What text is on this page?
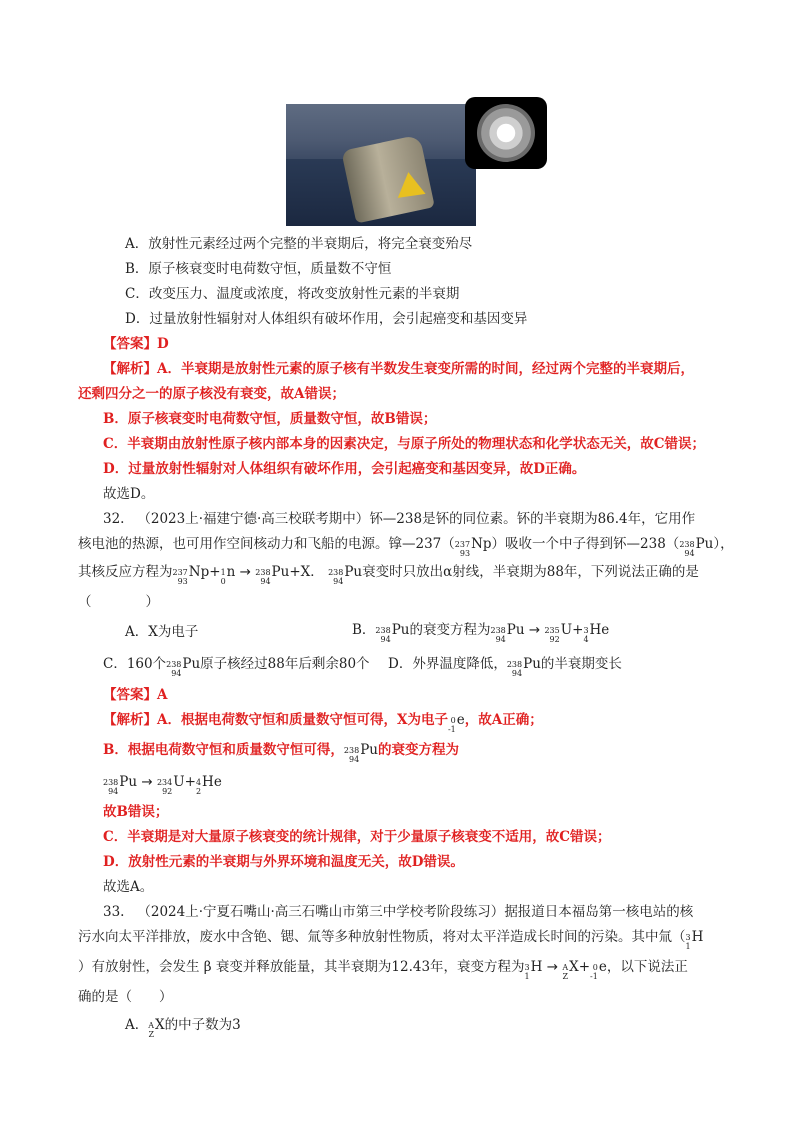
A．放射性元素经过两个完整的半衰期后，将完全衰变殆尽
B．原子核衰变时电荷数守恒，质量数不守恒
C．改变压力、温度或浓度，将改变放射性元素的半衰期
D．过量放射性辐射对人体组织有破坏作用，会引起癌变和基因变异
【答案】D
【解析】A．半衰期是放射性元素的原子核有半数发生衰变所需的时间，经过两个完整的半衰期后，
还剩四分之一的原子核没有衰变，故A错误；
B．原子核衰变时电荷数守恒，质量数守恒，故B错误；
C．半衰期由放射性原子核内部本身的因素决定，与原子所处的物理状态和化学状态无关，故C错误；
D．过量放射性辐射对人体组织有破坏作用，会引起癌变和基因变异，故D正确。
故选D。
32. （2023上·福建宁德·高三校联考期中）钚—238是钚的同位素。钚的半衰期为86.4年，它用作
核电池的热源，也可用作空间核动力和飞船的电源。镎—237（ 237
93
Np）吸收一个中子得到钚—238（ 238
94
Pu），
其核反应方程为 237
93
Np+ 1
0
n → 238
94
Pu+X． 238
94
Pu衰变时只放出α射线，半衰期为88年，下列说法正确的是
（　　　　）
A．X为电子	B． 238
94
Pu的衰变方程为 238
94
Pu → 235
92
U+ 3
4
He
C．160个 238
94
Pu原子核经过88年后剩余80个 D．外界温度降低， 238
94
Pu的半衰期变长
【答案】A
【解析】A．根据电荷数守恒和质量数守恒可得，X为电子 0
-1
e，故A正确；
B．根据电荷数守恒和质量数守恒可得， 238
94
Pu的衰变方程为
238
94
Pu → 234
92
U+ 4
2
He
故B错误；
C．半衰期是对大量原子核衰变的统计规律，对于少量原子核衰变不适用，故C错误；
D．放射性元素的半衰期与外界环境和温度无关，故D错误。
故选A。
33. （2024上·宁夏石嘴山·高三石嘴山市第三中学校考阶段练习）据报道日本福岛第一核电站的核
污水向太平洋排放，废水中含铯、锶、氚等多种放射性物质，将对太平洋造成长时间的污染。其中氚（ 3
1
H
）有放射性，会发生 β 衰变并释放能量，其半衰期为12.43年，衰变方程为 3
1
H → A
Z
X+ 0
-1
e，以下说法正
确的是（　　）
A． A
Z
X的中子数为3
